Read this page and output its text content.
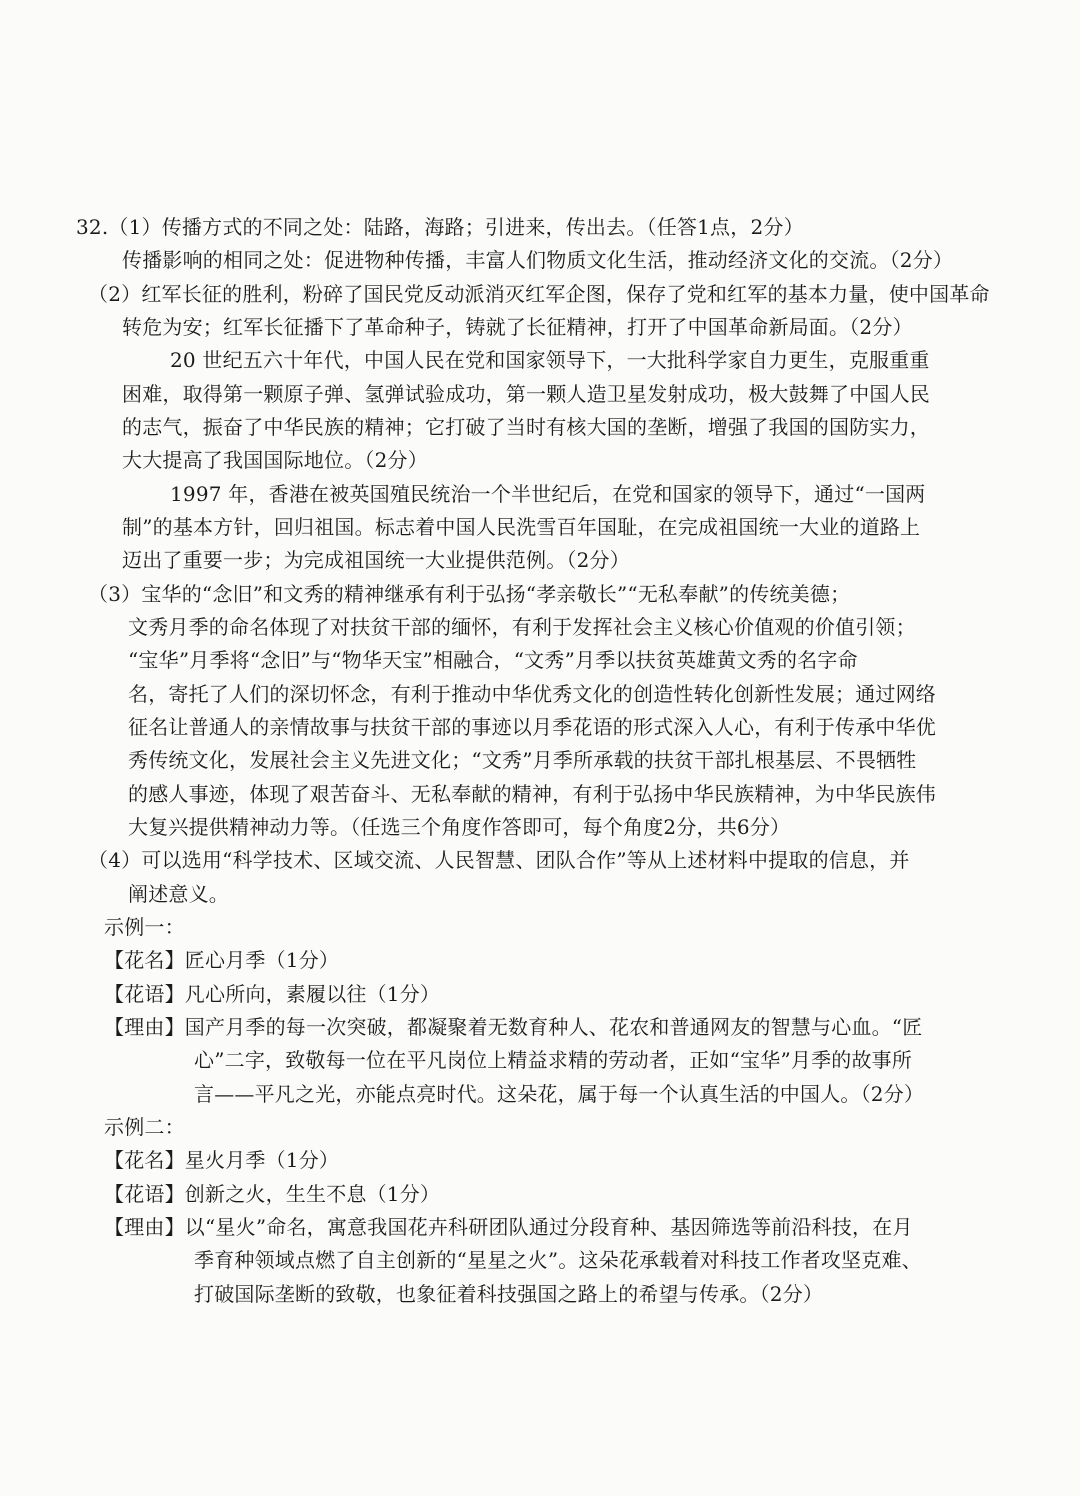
32.（1）传播方式的不同之处：陆路，海路；引进来，传出去。（任答1点，2分）
传播影响的相同之处：促进物种传播，丰富人们物质文化生活，推动经济文化的交流。（2分）
（2）红军长征的胜利，粉碎了国民党反动派消灭红军企图，保存了党和红军的基本力量，使中国革命
转危为安；红军长征播下了革命种子，铸就了长征精神，打开了中国革命新局面。（2分）
20 世纪五六十年代，中国人民在党和国家领导下，一大批科学家自力更生，克服重重
困难，取得第一颗原子弹、氢弹试验成功，第一颗人造卫星发射成功，极大鼓舞了中国人民
的志气，振奋了中华民族的精神；它打破了当时有核大国的垄断，增强了我国的国防实力，
大大提高了我国国际地位。（2分）
1997 年，香港在被英国殖民统治一个半世纪后，在党和国家的领导下，通过“一国两
制”的基本方针，回归祖国。标志着中国人民洗雪百年国耻，在完成祖国统一大业的道路上
迈出了重要一步；为完成祖国统一大业提供范例。（2分）
（3）宝华的“念旧”和文秀的精神继承有利于弘扬“孝亲敬长”“无私奉献”的传统美德；
文秀月季的命名体现了对扶贫干部的缅怀，有利于发挥社会主义核心价值观的价值引领；
“宝华”月季将“念旧”与“物华天宝”相融合，“文秀”月季以扶贫英雄黄文秀的名字命
名，寄托了人们的深切怀念，有利于推动中华优秀文化的创造性转化创新性发展；通过网络
征名让普通人的亲情故事与扶贫干部的事迹以月季花语的形式深入人心，有利于传承中华优
秀传统文化，发展社会主义先进文化；“文秀”月季所承载的扶贫干部扎根基层、不畏牺牲
的感人事迹，体现了艰苦奋斗、无私奉献的精神，有利于弘扬中华民族精神，为中华民族伟
大复兴提供精神动力等。（任选三个角度作答即可，每个角度2分，共6分）
（4）可以选用“科学技术、区域交流、人民智慧、团队合作”等从上述材料中提取的信息，并
阐述意义。
示例一：
【花名】匠心月季（1分）
【花语】凡心所向，素履以往（1分）
【理由】国产月季的每一次突破，都凝聚着无数育种人、花农和普通网友的智慧与心血。“匠
心”二字，致敬每一位在平凡岗位上精益求精的劳动者，正如“宝华”月季的故事所
言——平凡之光，亦能点亮时代。这朵花，属于每一个认真生活的中国人。（2分）
示例二：
【花名】星火月季（1分）
【花语】创新之火，生生不息（1分）
【理由】以“星火”命名，寓意我国花卉科研团队通过分段育种、基因筛选等前沿科技，在月
季育种领域点燃了自主创新的“星星之火”。这朵花承载着对科技工作者攻坚克难、
打破国际垄断的致敬，也象征着科技强国之路上的希望与传承。（2分）
